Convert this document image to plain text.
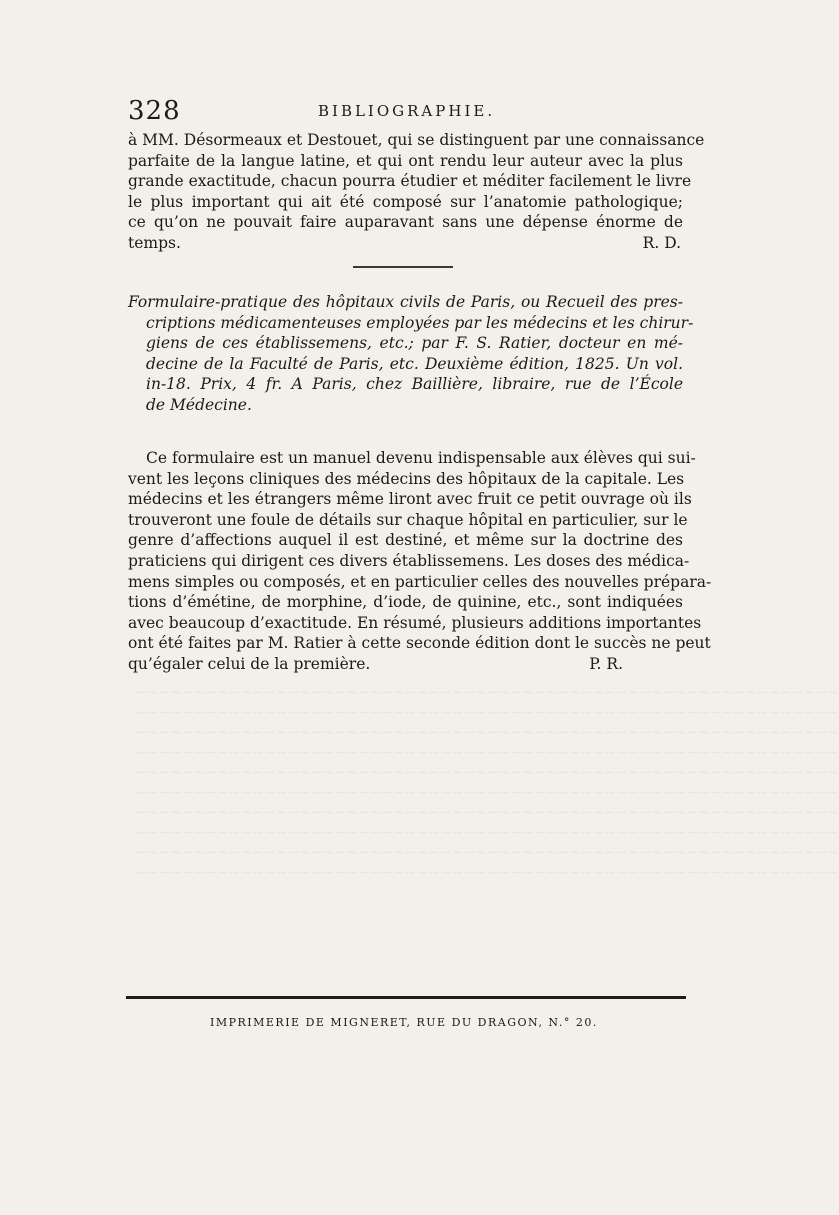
328	BIBLIOGRAPHIE.
à MM. Désormeaux et Destouet, qui se distinguent par une connaissance
parfaite de la langue latine, et qui ont rendu leur auteur avec la plus
grande exactitude, chacun pourra étudier et méditer facilement le livre
le plus important qui ait été composé sur l’anatomie pathologique;
ce qu’on ne pouvait faire auparavant sans une dépense énorme de
temps.	R. D.
Formulaire-pratique des hôpitaux civils de Paris, ou Recueil des pres-
criptions médicamenteuses employées par les médecins et les chirur-
giens de ces établissemens, etc.; par F. S. Ratier, docteur en mé-
decine de la Faculté de Paris, etc. Deuxième édition, 1825. Un vol.
in-18. Prix, 4 fr. A Paris, chez Baillière, libraire, rue de l’École
de Médecine.
Ce formulaire est un manuel devenu indispensable aux élèves qui sui-
vent les leçons cliniques des médecins des hôpitaux de la capitale. Les
médecins et les étrangers même liront avec fruit ce petit ouvrage où ils
trouveront une foule de détails sur chaque hôpital en particulier, sur le
genre d’affections auquel il est destiné, et même sur la doctrine des
praticiens qui dirigent ces divers établissemens. Les doses des médica-
mens simples ou composés, et en particulier celles des nouvelles prépara-
tions d’émétine, de morphine, d’iode, de quinine, etc., sont indiquées
avec beaucoup d’exactitude. En résumé, plusieurs additions importantes
ont été faites par M. Ratier à cette seconde édition dont le succès ne peut
qu’égaler celui de la première.	P. R.
~~~~~~~~~~~~~~~~~~~~~~~~~~~~~~~~~~~~~~~~~~~~~~~~~~~~~~~~~~~~
~~~~~~~~~~~~~~~~~~~~~~~~~~~~~~~~~~~~~~~~~~~~~~~~~~~~~~~~~~~~
~~~~~~~~~~~~~~~~~~~~~~~~~~~~~~~~~~~~~~~~~~~~~~~~~~~~~~~~~~~~
~~~~~~~~~~~~~~~~~~~~~~~~~~~~~~~~~~~~~~~~~~~~~~~~~~~~~~~~~~~~
~~~~~~~~~~~~~~~~~~~~~~~~~~~~~~~~~~~~~~~~~~~~~~~~~~~~~~~~~~~~
~~~~~~~~~~~~~~~~~~~~~~~~~~~~~~~~~~~~~~~~~~~~~~~~~~~~~~~~~~~~
~~~~~~~~~~~~~~~~~~~~~~~~~~~~~~~~~~~~~~~~~~~~~~~~~~~~~~~~~~~~
~~~~~~~~~~~~~~~~~~~~~~~~~~~~~~~~~~~~~~~~~~~~~~~~~~~~~~~~~~~~
~~~~~~~~~~~~~~~~~~~~~~~~~~~~~~~~~~~~~~~~~~~~~~~~~~~~~~~~~~~~
~~~~~~~~~~~~~~~~~~~~~~~~~~~~~~~~~~~~~~~~~~~~~~~~~~~~~~~~~~~~
IMPRIMERIE DE MIGNERET, RUE DU DRAGON, N.° 20.
